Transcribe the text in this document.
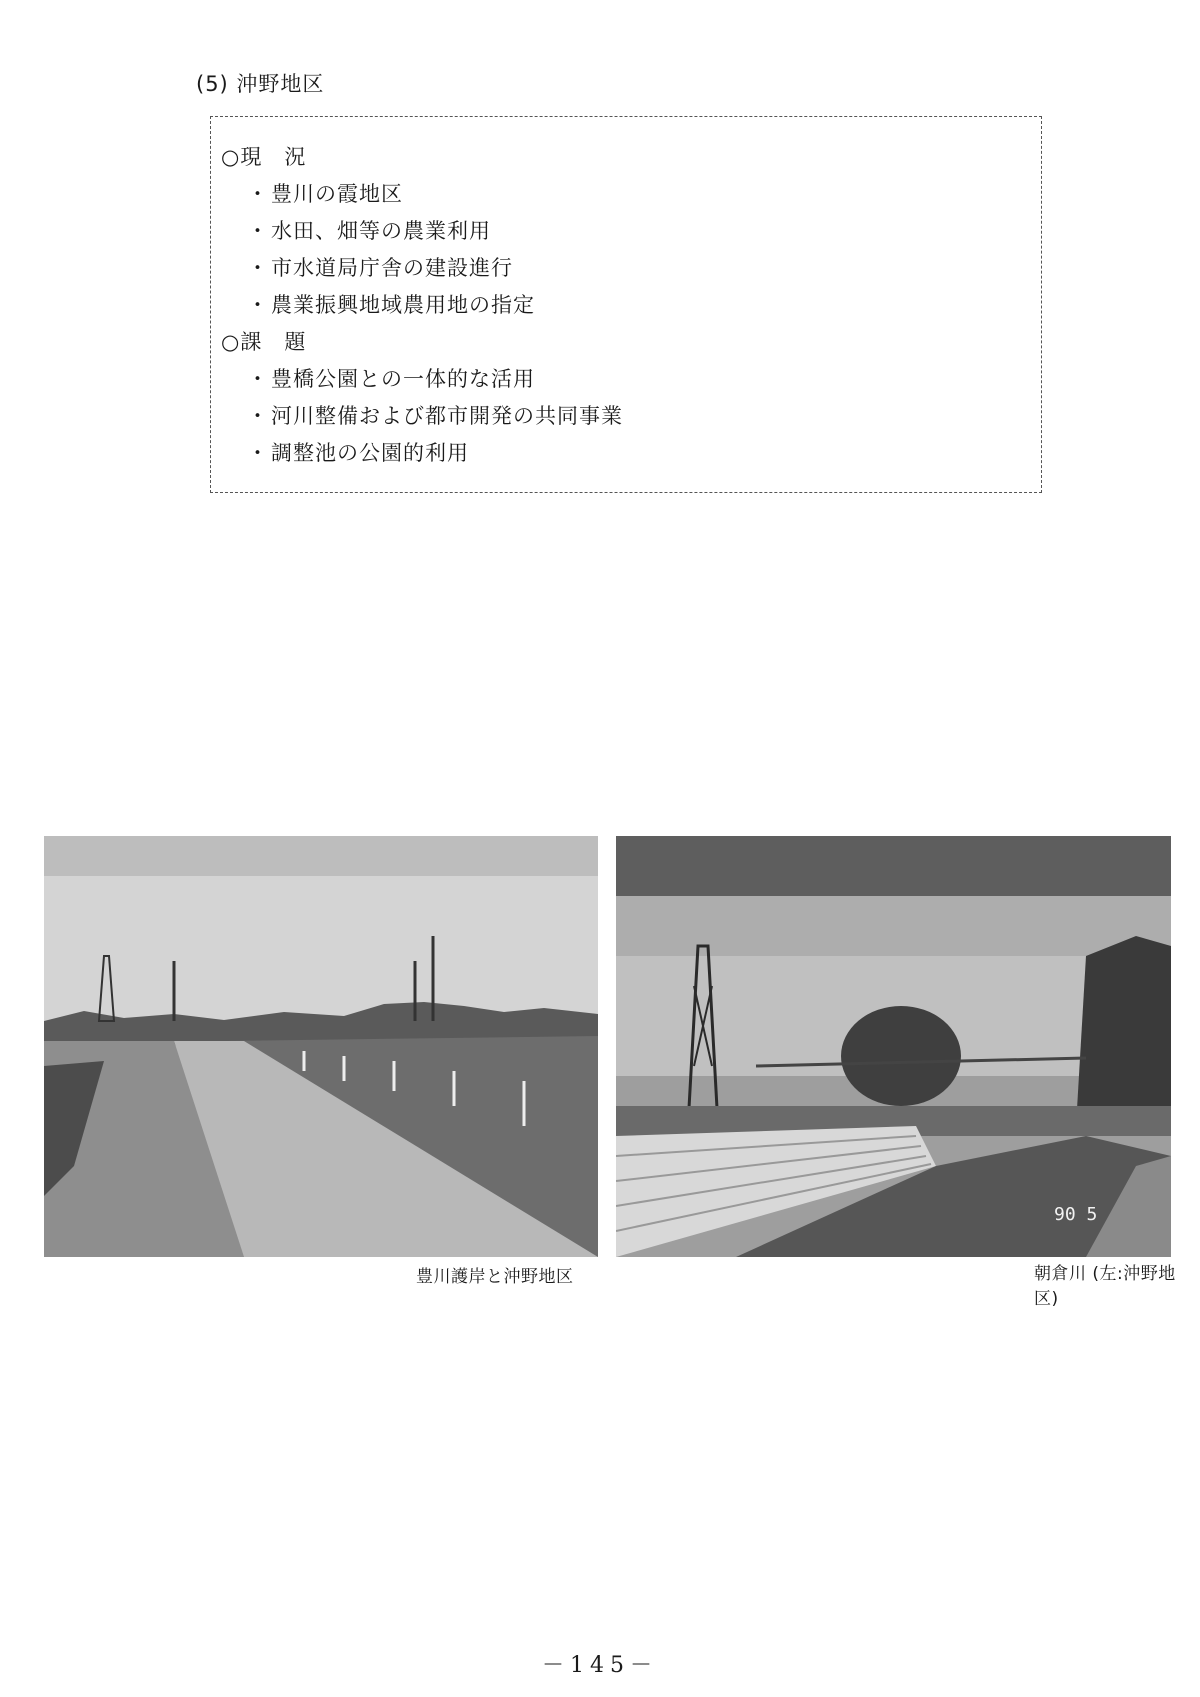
(5) 沖野地区
○現　況
・ 豊川の霞地区
・ 水田、畑等の農業利用
・ 市水道局庁舎の建設進行
・ 農業振興地域農用地の指定
○課　題
・ 豊橋公園との一体的な活用
・ 河川整備および都市開発の共同事業
・ 調整池の公園的利用
豊川護岸と沖野地区
90 5
朝倉川 (左:沖野地区)
－145－
